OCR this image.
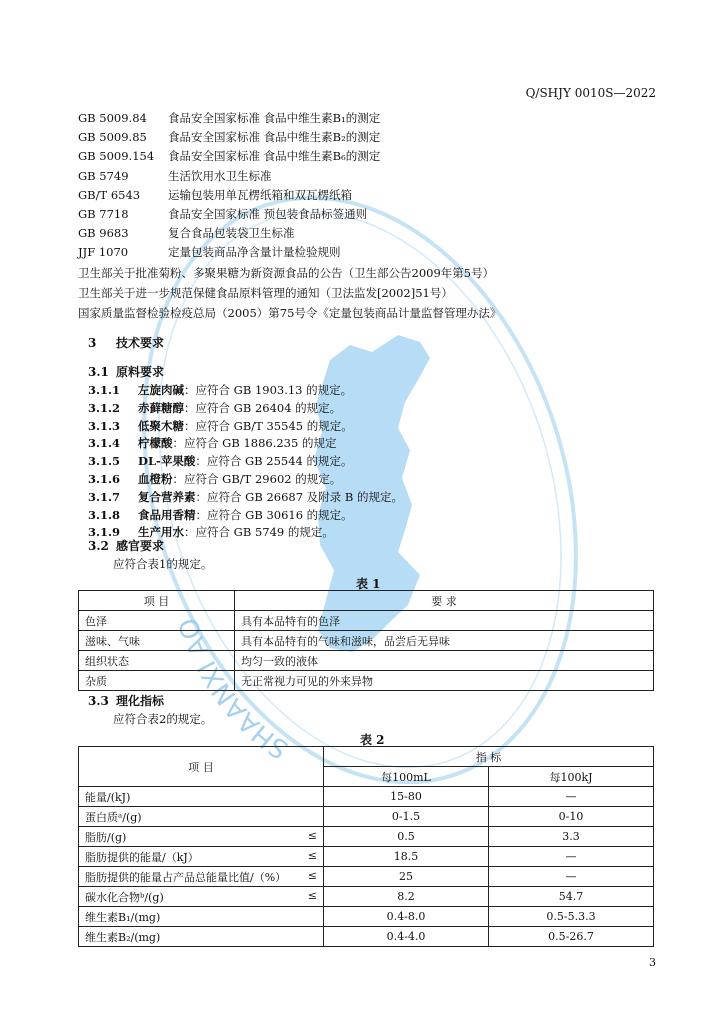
SHAANXI AO
Q/SHJY 0010S—2022
GB 5009.84 食品安全国家标准 食品中维生素B₁的测定
GB 5009.85 食品安全国家标准 食品中维生素B₂的测定
GB 5009.154 食品安全国家标准 食品中维生素B₆的测定
GB 5749	生活饮用水卫生标准
GB/T 6543 运输包装用单瓦楞纸箱和双瓦楞纸箱
GB 7718	食品安全国家标准 预包装食品标签通则
GB 9683	复合食品包装袋卫生标准
JJF 1070	定量包装商品净含量计量检验规则
卫生部关于批准菊粉、多聚果糖为新资源食品的公告（卫生部公告2009年第5号）
卫生部关于进一步规范保健食品原料管理的通知（卫法监发[2002]51号）
国家质量监督检验检疫总局（2005）第75号令《定量包装商品计量监督管理办法》
3 技术要求
3.1 原料要求
3.1.1 左旋肉碱：应符合 GB 1903.13 的规定。
3.1.2 赤藓糖醇：应符合 GB 26404 的规定。
3.1.3 低聚木糖：应符合 GB/T 35545 的规定。
3.1.4 柠檬酸：应符合 GB 1886.235 的规定
3.1.5 DL-苹果酸：应符合 GB 25544 的规定。
3.1.6 血橙粉：应符合 GB/T 29602 的规定。
3.1.7 复合营养素：应符合 GB 26687 及附录 B 的规定。
3.1.8 食品用香精：应符合 GB 30616 的规定。
3.1.9 生产用水：应符合 GB 5749 的规定。
3.2 感官要求
应符合表1的规定。
表 1
项 目	要 求
色泽	具有本品特有的色泽
滋味、气味	具有本品特有的气味和滋味，品尝后无异味
组织状态	均匀一致的液体
杂质	无正常视力可见的外来异物
3.3 理化指标
应符合表2的规定。
表 2
项 目	指 标	
	每100mL	每100kJ
能量/(kJ)	15-80	—
蛋白质ᵃ/(g)	0-1.5	0-10
脂肪/(g) ≤	0.5	3.3
脂肪提供的能量/（kJ） ≤	18.5	—
脂肪提供的能量占产品总能量比值/（%） ≤	25	—
碳水化合物ᵇ/(g) ≤	8.2	54.7
维生素B₁/(mg)	0.4-8.0	0.5-5.3.3
维生素B₂/(mg)	0.4-4.0	0.5-26.7
3
